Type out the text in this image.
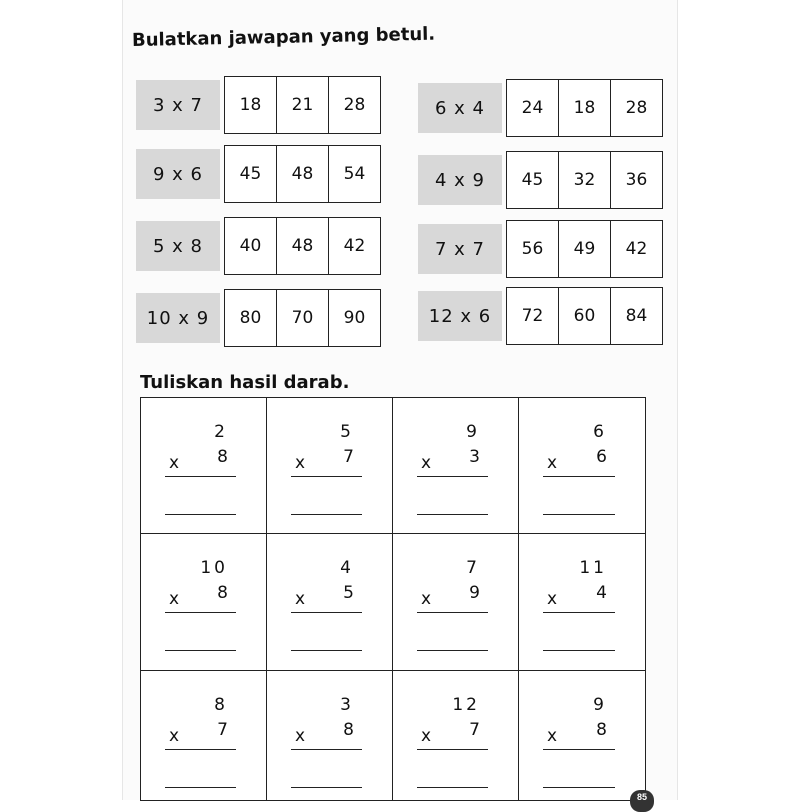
Bulatkan jawapan yang betul.
3 x 7	18	21	28
9 x 6	45	48	54
5 x 8	40	48	42
10 x 9	80	70	90
6 x 4	24	18	28
4 x 9	45	32	36
7 x 7	56	49	42
12 x 6	72	60	84
Tuliskan hasil darab.
2
x	8
5
x	7
9
x	3
6
x	6
10
x	8
4
x	5
7
x	9
11
x	4
8
x	7
3
x	8
12
x	7
9
x	8
85
